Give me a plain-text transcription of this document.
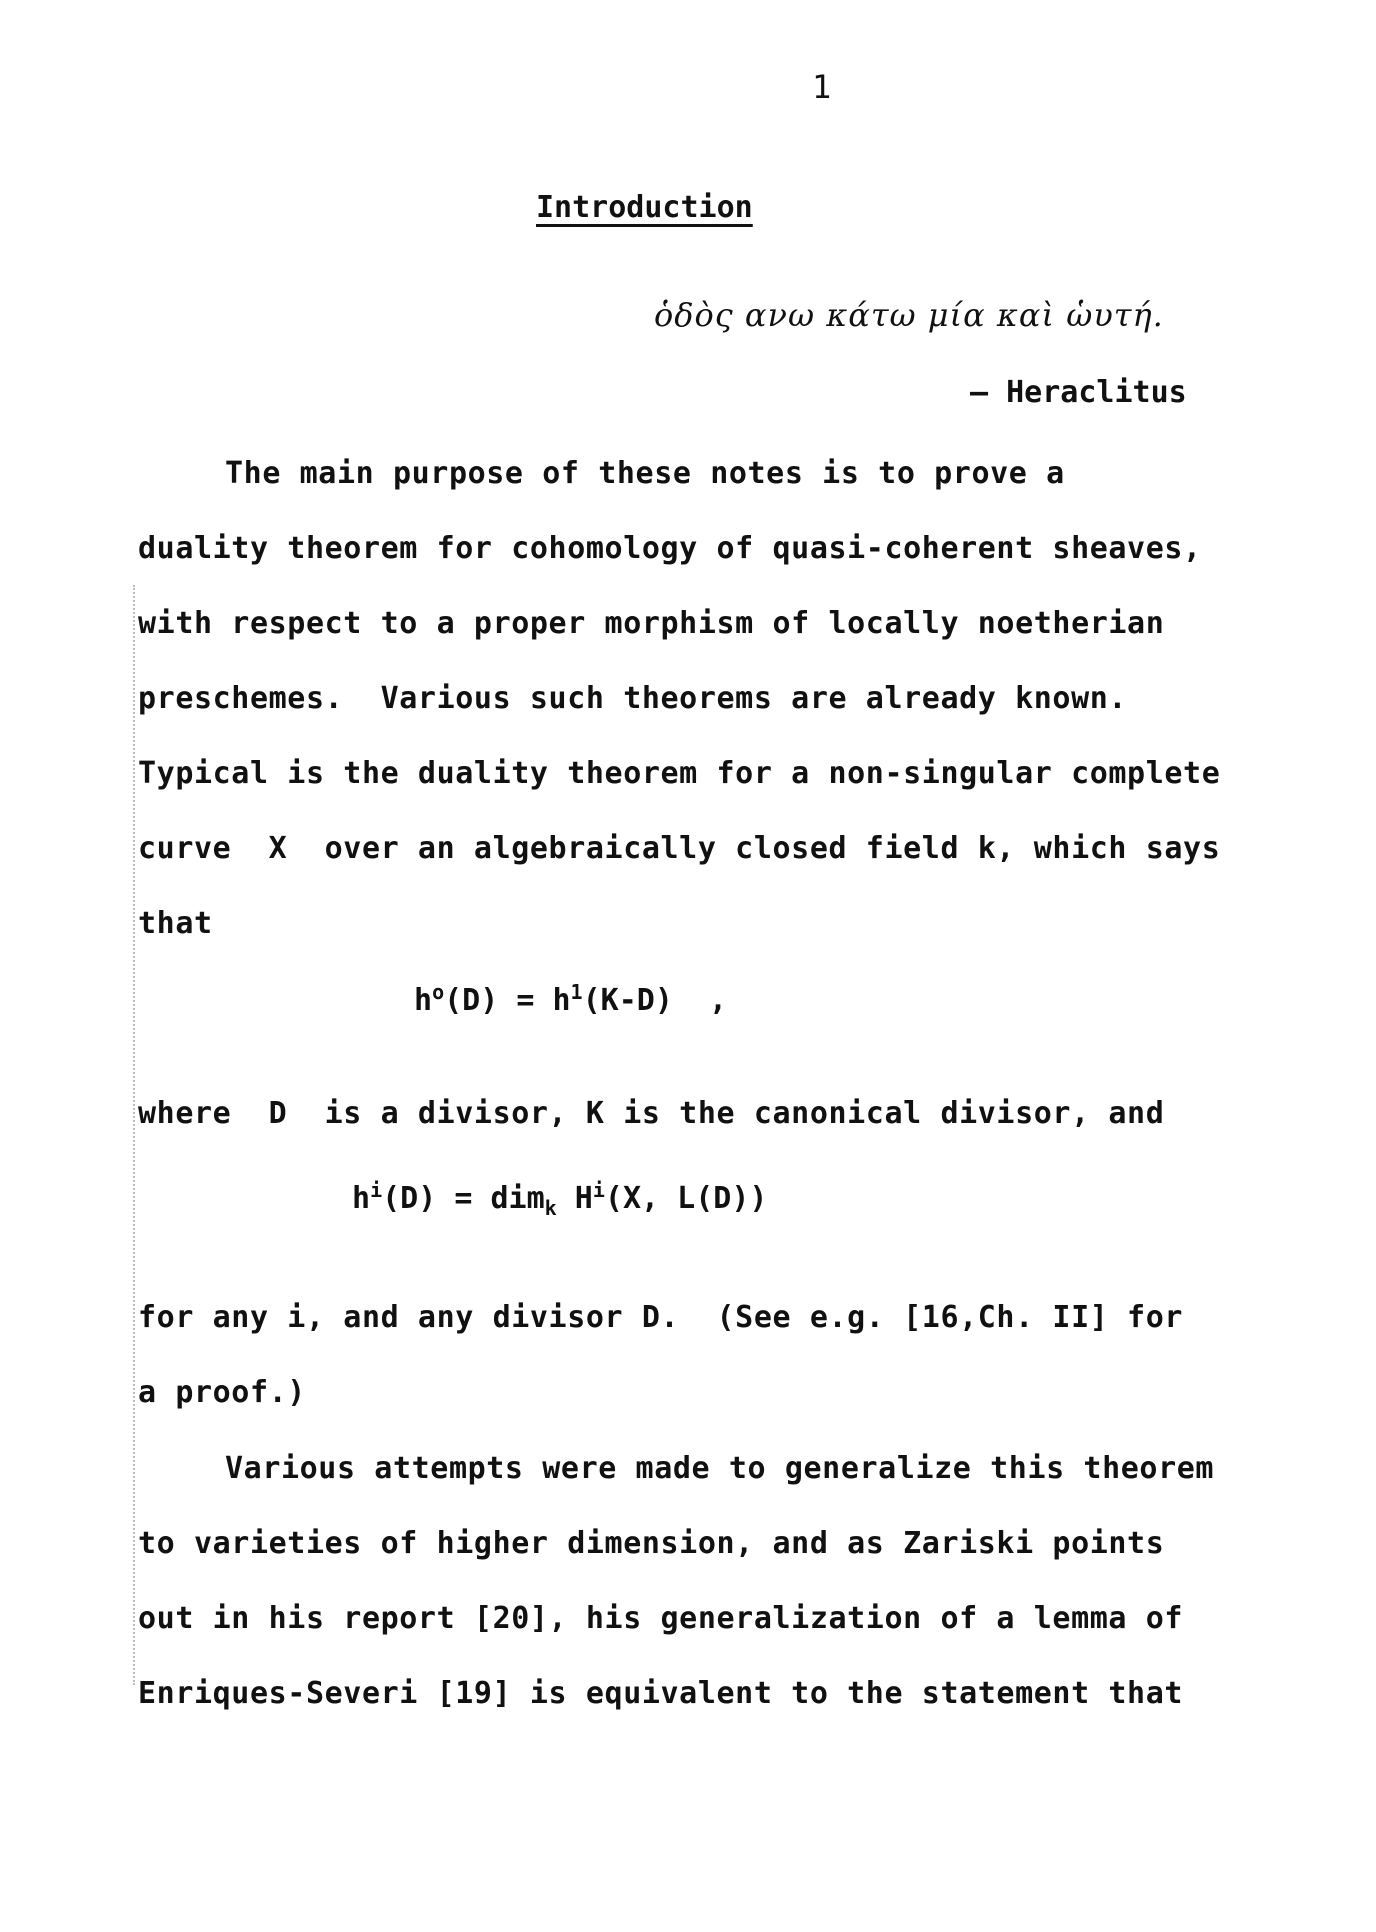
1
Introduction
ὁδὸς ανω κάτω μία καὶ ὡυτή.
— Heraclitus
The main purpose of these notes is to prove a
duality theorem for cohomology of quasi-coherent sheaves,
with respect to a proper morphism of locally noetherian
preschemes.  Various such theorems are already known.
Typical is the duality theorem for a non-singular complete
curve  X  over an algebraically closed field k, which says
that
$h^o(D) = h^1(K-D)$  ,
where  D  is a divisor, K is the canonical divisor, and
$h^i(D) = dim_k$ $H^i(X$, L(D))
for any i, and any divisor D.  (See e.g. [16,Ch. II] for
a proof.)
Various attempts were made to generalize this theorem
to varieties of higher dimension, and as Zariski points
out in his report [20], his generalization of a lemma of
Enriques-Severi [19] is equivalent to the statement that
